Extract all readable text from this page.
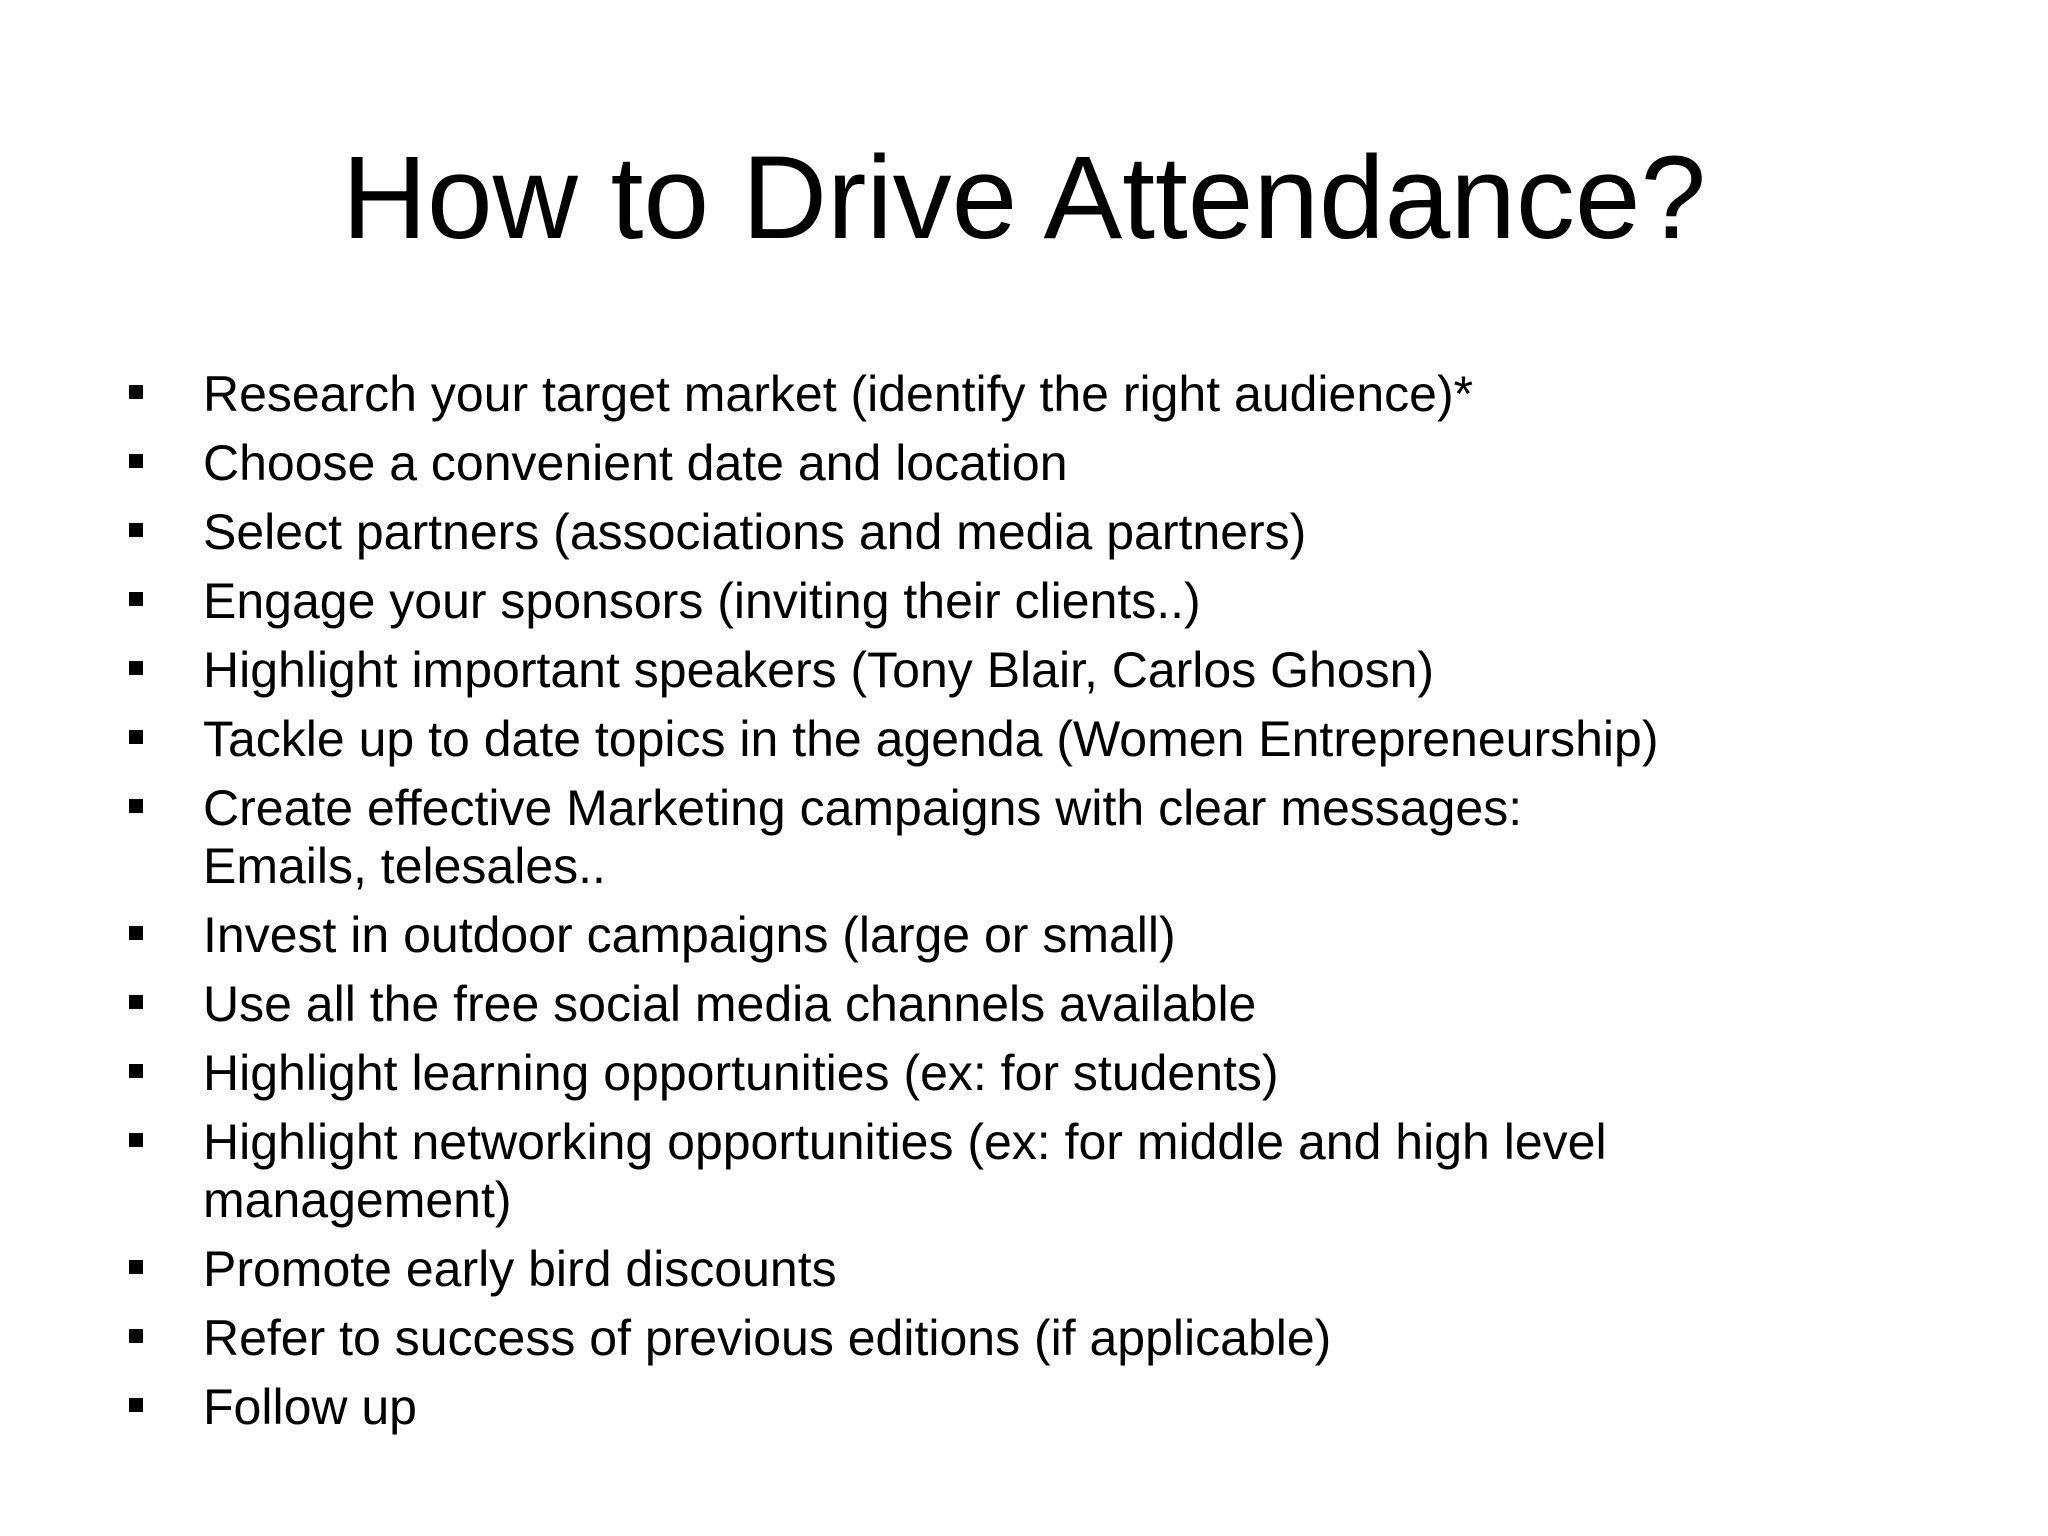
How to Drive Attendance?
Research your target market (identify the right audience)*
Choose a convenient date and location
Select partners (associations and media partners)
Engage your sponsors (inviting their clients..)
Highlight important speakers (Tony Blair, Carlos Ghosn)
Tackle up to date topics in the agenda (Women Entrepreneurship)
Create effective Marketing campaigns with clear messages:
Emails, telesales..
Invest in outdoor campaigns (large or small)
Use all the free social media channels available
Highlight learning opportunities (ex: for students)
Highlight networking opportunities (ex: for middle and high level
management)
Promote early bird discounts
Refer to success of previous editions (if applicable)
Follow up
